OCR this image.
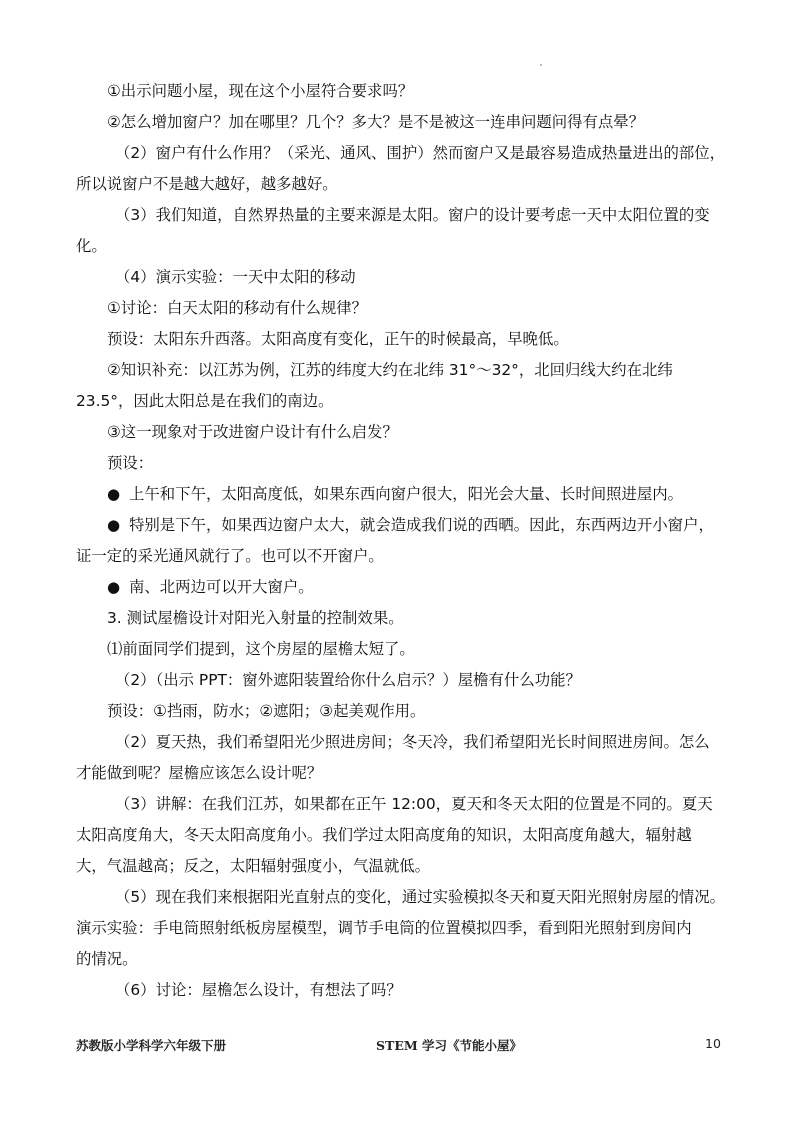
①出示问题小屋，现在这个小屋符合要求吗？

②怎么增加窗户？加在哪里？几个？多大？是不是被这一连串问题问得有点晕？

（2）窗户有什么作用？（采光、通风、围护）然而窗户又是最容易造成热量进出的部位，

所以说窗户不是越大越好，越多越好。

（3）我们知道，自然界热量的主要来源是太阳。窗户的设计要考虑一天中太阳位置的变

化。

（4）演示实验：一天中太阳的移动

①讨论：白天太阳的移动有什么规律？

预设：太阳东升西落。太阳高度有变化，正午的时候最高，早晚低。

②知识补充：以江苏为例，江苏的纬度大约在北纬 31°～32°，北回归线大约在北纬

23.5°，因此太阳总是在我们的南边。

③这一现象对于改进窗户设计有什么启发？

预设：

● 上午和下午，太阳高度低，如果东西向窗户很大，阳光会大量、长时间照进屋内。

● 特别是下午，如果西边窗户太大，就会造成我们说的西晒。因此，东西两边开小窗户，

证一定的采光通风就行了。也可以不开窗户。

● 南、北两边可以开大窗户。

3. 测试屋檐设计对阳光入射量的控制效果。

⑴前面同学们提到，这个房屋的屋檐太短了。

（2）（出示 PPT：窗外遮阳装置给你什么启示？）屋檐有什么功能？

预设：①挡雨，防水；②遮阳；③起美观作用。

（2）夏天热，我们希望阳光少照进房间；冬天冷，我们希望阳光长时间照进房间。怎么

才能做到呢？屋檐应该怎么设计呢？

（3）讲解：在我们江苏，如果都在正午 12:00，夏天和冬天太阳的位置是不同的。夏天

太阳高度角大，冬天太阳高度角小。我们学过太阳高度角的知识，太阳高度角越大，辐射越

大，气温越高；反之，太阳辐射强度小，气温就低。

（5）现在我们来根据阳光直射点的变化，通过实验模拟冬天和夏天阳光照射房屋的情况。

演示实验：手电筒照射纸板房屋模型，调节手电筒的位置模拟四季，看到阳光照射到房间内

的情况。

（6）讨论：屋檐怎么设计，有想法了吗？

苏教版小学科学六年级下册	STEM 学习《节能小屋》	10
